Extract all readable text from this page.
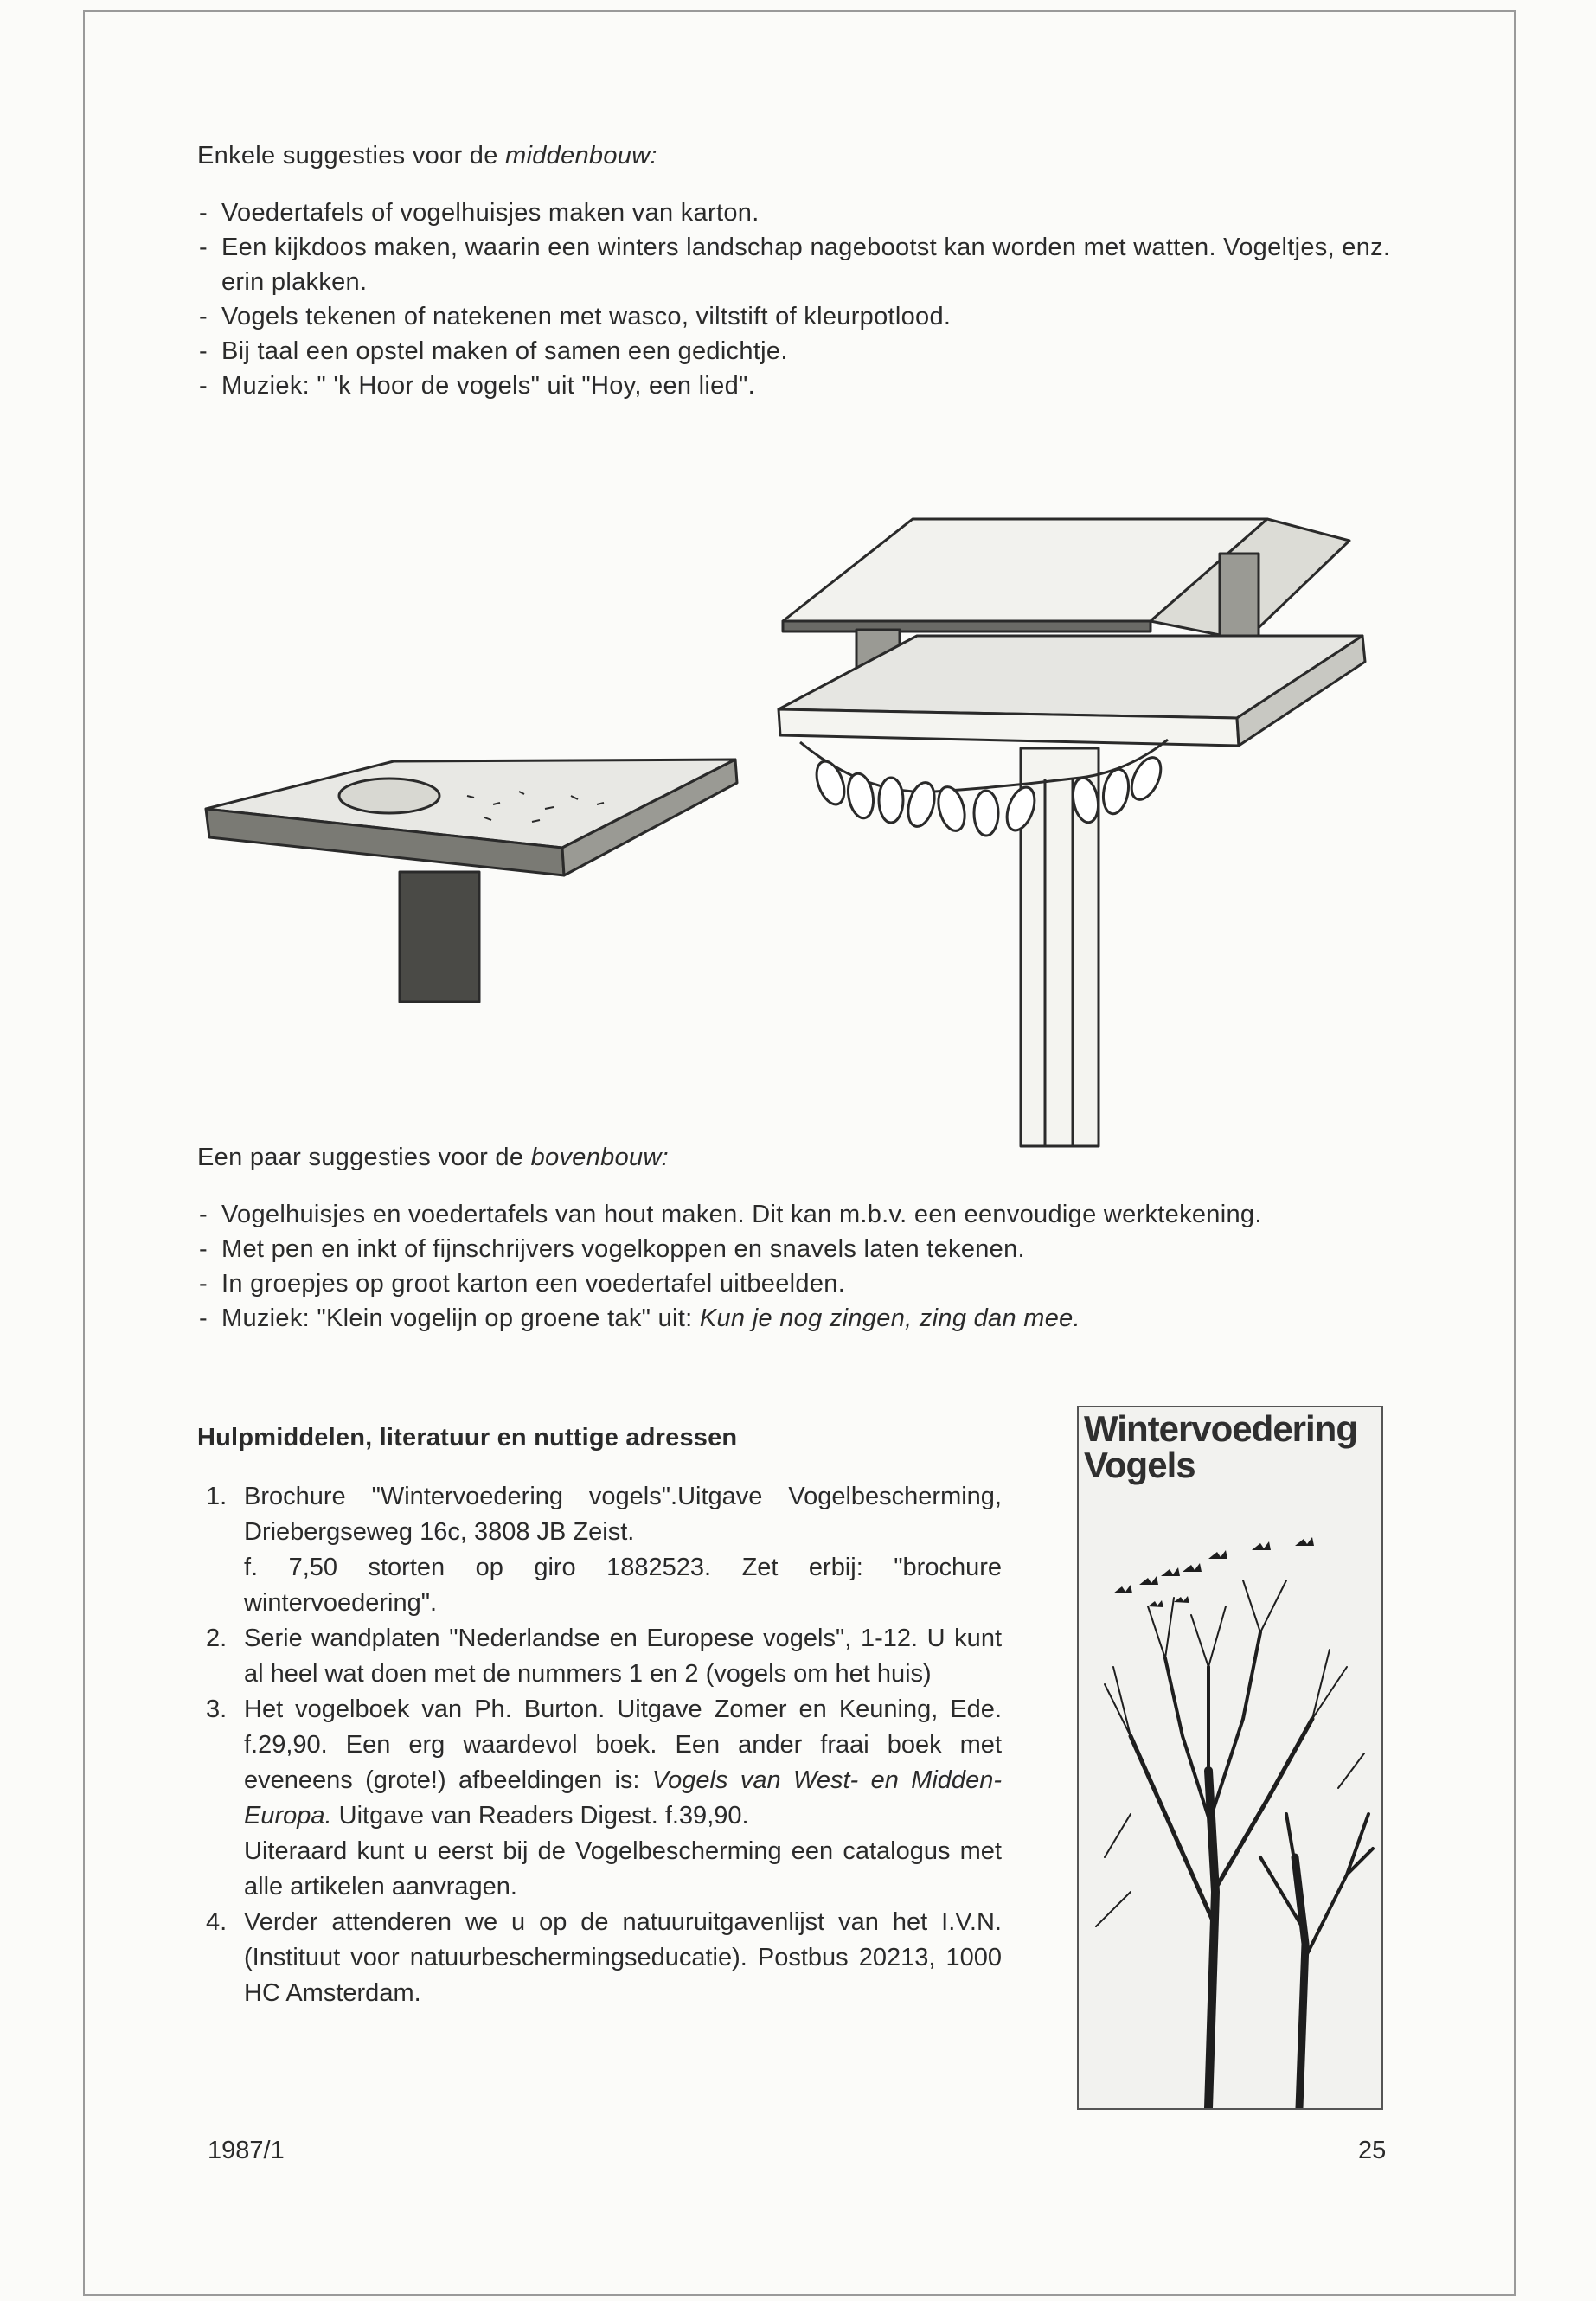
Enkele suggesties voor de middenbouw:
- Voedertafels of vogelhuisjes maken van karton.
- Een kijkdoos maken, waarin een winters landschap nagebootst kan worden met watten. Vogeltjes, enz. erin plakken.
- Vogels tekenen of natekenen met wasco, viltstift of kleurpotlood.
- Bij taal een opstel maken of samen een gedichtje.
- Muziek: " 'k Hoor de vogels" uit "Hoy, een lied".
Een paar suggesties voor de bovenbouw:
- Vogelhuisjes en voedertafels van hout maken. Dit kan m.b.v. een eenvoudige werktekening.
- Met pen en inkt of fijnschrijvers vogelkoppen en snavels laten tekenen.
- In groepjes op groot karton een voedertafel uitbeelden.
- Muziek: "Klein vogelijn op groene tak" uit: Kun je nog zingen, zing dan mee.
Hulpmiddelen, literatuur en nuttige adressen
1. Brochure "Wintervoedering vogels".Uitgave Vogelbescherming, Driebergseweg 16c, 3808 JB Zeist.
f. 7,50 storten op giro 1882523. Zet erbij: "brochure wintervoedering".
2. Serie wandplaten "Nederlandse en Europese vogels", 1-12. U kunt al heel wat doen met de nummers 1 en 2 (vogels om het huis)
3. Het vogelboek van Ph. Burton. Uitgave Zomer en Keuning, Ede. f.29,90. Een erg waardevol boek. Een ander fraai boek met eveneens (grote!) afbeeldingen is: Vogels van West- en Midden-Europa. Uitgave van Readers Digest. f.39,90.
Uiteraard kunt u eerst bij de Vogelbescherming een catalogus met alle artikelen aanvragen.
4. Verder attenderen we u op de natuuruitgavenlijst van het I.V.N. (Instituut voor natuurbeschermingseducatie). Postbus 20213, 1000 HC Amsterdam.
Wintervoedering
Vogels
1987/1	25
